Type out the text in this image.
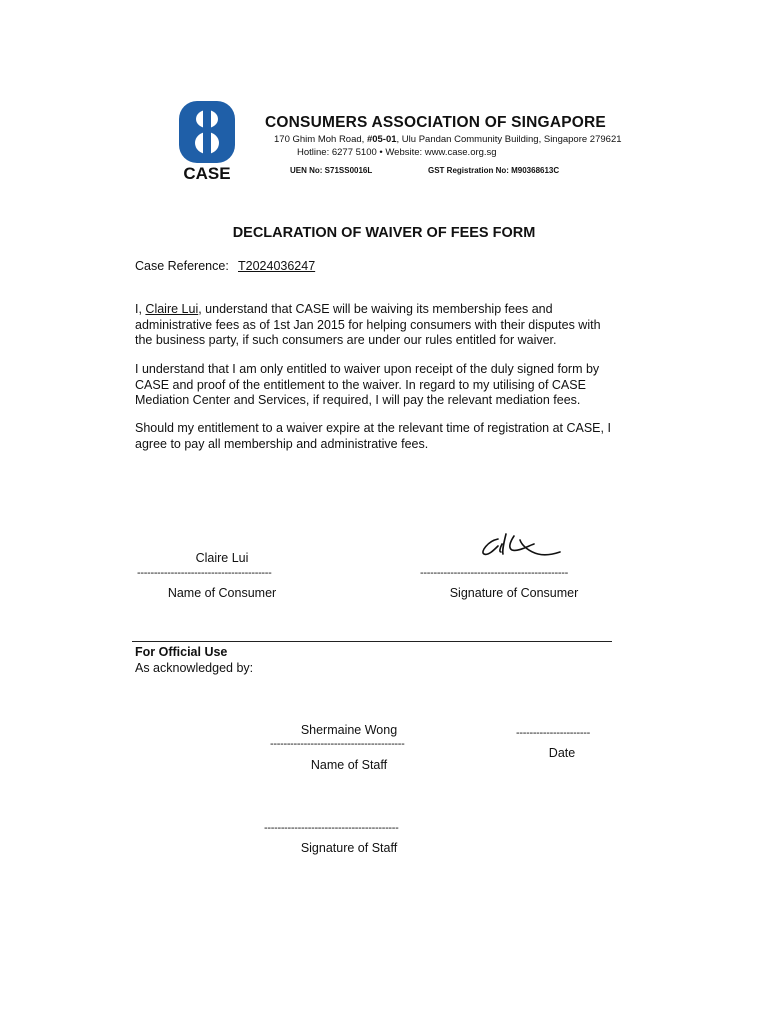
CASE
CONSUMERS ASSOCIATION OF SINGAPORE
170 Ghim Moh Road, #05-01, Ulu Pandan Community Building, Singapore 279621
Hotline: 6277 5100 • Website: www.case.org.sg
UEN No: S71SS0016L	GST Registration No: M90368613C
DECLARATION OF WAIVER OF FEES FORM
Case Reference: T2024036247
I, Claire Lui, understand that CASE will be waiving its membership fees and administrative fees as of 1st Jan 2015 for helping consumers with their disputes with the business party, if such consumers are under our rules entitled for waiver.
I understand that I am only entitled to waiver upon receipt of the duly signed form by CASE and proof of the entitlement to the waiver. In regard to my utilising of CASE Mediation Center and Services, if required, I will pay the relevant mediation fees.
Should my entitlement to a waiver expire at the relevant time of registration at CASE, I agree to pay all membership and administrative fees.
Claire Lui
----------------------------------------
Name of Consumer
--------------------------------------------
Signature of Consumer
For Official Use
As acknowledged by:
Shermaine Wong
----------------------------------------
Name of Staff
----------------------
Date
----------------------------------------
Signature of Staff
